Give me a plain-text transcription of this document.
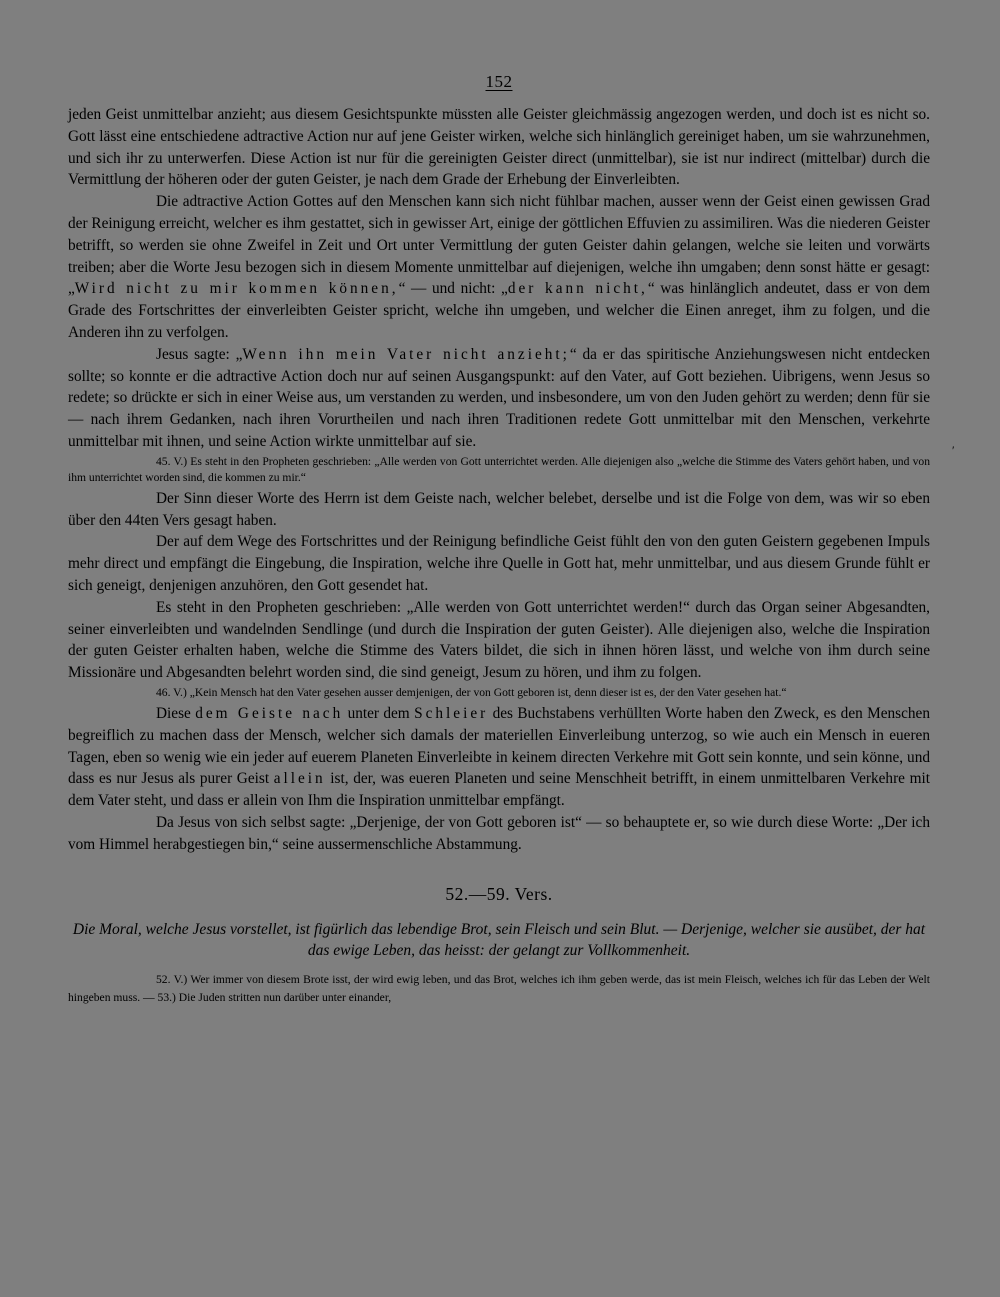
152

jeden Geist unmittelbar anzieht; aus diesem Gesichtspunkte müssten alle Geister gleichmässig angezogen werden, und doch ist es nicht so. Gott lässt eine entschiedene adtractive Action nur auf jene Geister wirken, welche sich hinlänglich gereiniget haben, um sie wahrzunehmen, und sich ihr zu unterwerfen. Diese Action ist nur für die gereinigten Geister direct (unmittelbar), sie ist nur indirect (mittelbar) durch die Vermittlung der höheren oder der guten Geister, je nach dem Grade der Erhebung der Einverleibten.

Die adtractive Action Gottes auf den Menschen kann sich nicht fühlbar machen, ausser wenn der Geist einen gewissen Grad der Reinigung erreicht, welcher es ihm gestattet, sich in gewisser Art, einige der göttlichen Effuvien zu assimiliren. Was die niederen Geister betrifft, so werden sie ohne Zweifel in Zeit und Ort unter Vermittlung der guten Geister dahin gelangen, welche sie leiten und vorwärts treiben; aber die Worte Jesu bezogen sich in diesem Momente unmittelbar auf diejenigen, welche ihn umgaben; denn sonst hätte er gesagt: „Wird nicht zu mir kommen können,“ — und nicht: „der kann nicht,“ was hinlänglich andeutet, dass er von dem Grade des Fortschrittes der einverleibten Geister spricht, welche ihn umgeben, und welcher die Einen anreget, ihm zu folgen, und die Anderen ihn zu verfolgen.

Jesus sagte: „Wenn ihn mein Vater nicht anzieht;“ da er das spiritische Anziehungswesen nicht entdecken sollte; so konnte er die adtractive Action doch nur auf seinen Ausgangspunkt: auf den Vater, auf Gott beziehen. Uibrigens, wenn Jesus so redete; so drückte er sich in einer Weise aus, um verstanden zu werden, und insbesondere, um von den Juden gehört zu werden; denn für sie — nach ihrem Gedanken, nach ihren Vorurtheilen und nach ihren Traditionen redete Gott unmittelbar mit den Menschen, verkehrte unmittelbar mit ihnen, und seine Action wirkte unmittelbar auf sie.

45. V.) Es steht in den Propheten geschrieben: „Alle werden von Gott unterrichtet werden. Alle diejenigen also „welche die Stimme des Vaters gehört haben, und von ihm unterrichtet worden sind, die kommen zu mir.“

Der Sinn dieser Worte des Herrn ist dem Geiste nach, welcher belebet, derselbe und ist die Folge von dem, was wir so eben über den 44ten Vers gesagt haben.

Der auf dem Wege des Fortschrittes und der Reinigung befindliche Geist fühlt den von den guten Geistern gegebenen Impuls mehr direct und empfängt die Eingebung, die Inspiration, welche ihre Quelle in Gott hat, mehr unmittelbar, und aus diesem Grunde fühlt er sich geneigt, denjenigen anzuhören, den Gott gesendet hat.

Es steht in den Propheten geschrieben: „Alle werden von Gott unterrichtet werden!“ durch das Organ seiner Abgesandten, seiner einverleibten und wandelnden Sendlinge (und durch die Inspiration der guten Geister). Alle diejenigen also, welche die Inspiration der guten Geister erhalten haben, welche die Stimme des Vaters bildet, die sich in ihnen hören lässt, und welche von ihm durch seine Missionäre und Abgesandten belehrt worden sind, die sind geneigt, Jesum zu hören, und ihm zu folgen.

46. V.) „Kein Mensch hat den Vater gesehen ausser demjenigen, der von Gott geboren ist, denn dieser ist es, der den Vater gesehen hat.“

Diese dem Geiste nach unter dem Schleier des Buchstabens verhüllten Worte haben den Zweck, es den Menschen begreiflich zu machen dass der Mensch, welcher sich damals der materiellen Einverleibung unterzog, so wie auch ein Mensch in eueren Tagen, eben so wenig wie ein jeder auf euerem Planeten Einverleibte in keinem directen Verkehre mit Gott sein konnte, und sein könne, und dass es nur Jesus als purer Geist allein ist, der, was eueren Planeten und seine Menschheit betrifft, in einem unmittelbaren Verkehre mit dem Vater steht, und dass er allein von Ihm die Inspiration unmittelbar empfängt.

Da Jesus von sich selbst sagte: „Derjenige, der von Gott geboren ist“ — so behauptete er, so wie durch diese Worte: „Der ich vom Himmel herabgestiegen bin,“ seine aussermenschliche Abstammung.

52.—59. Vers.
Die Moral, welche Jesus vorstellet, ist figürlich das lebendige Brot, sein Fleisch und sein Blut. — Derjenige, welcher sie ausübet, der hat das ewige Leben, das heisst: der gelangt zur Vollkommenheit.

52. V.) Wer immer von diesem Brote isst, der wird ewig leben, und das Brot, welches ich ihm geben werde, das ist mein Fleisch, welches ich für das Leben der Welt hingeben muss. — 53.) Die Juden stritten nun darüber unter einander,

′
